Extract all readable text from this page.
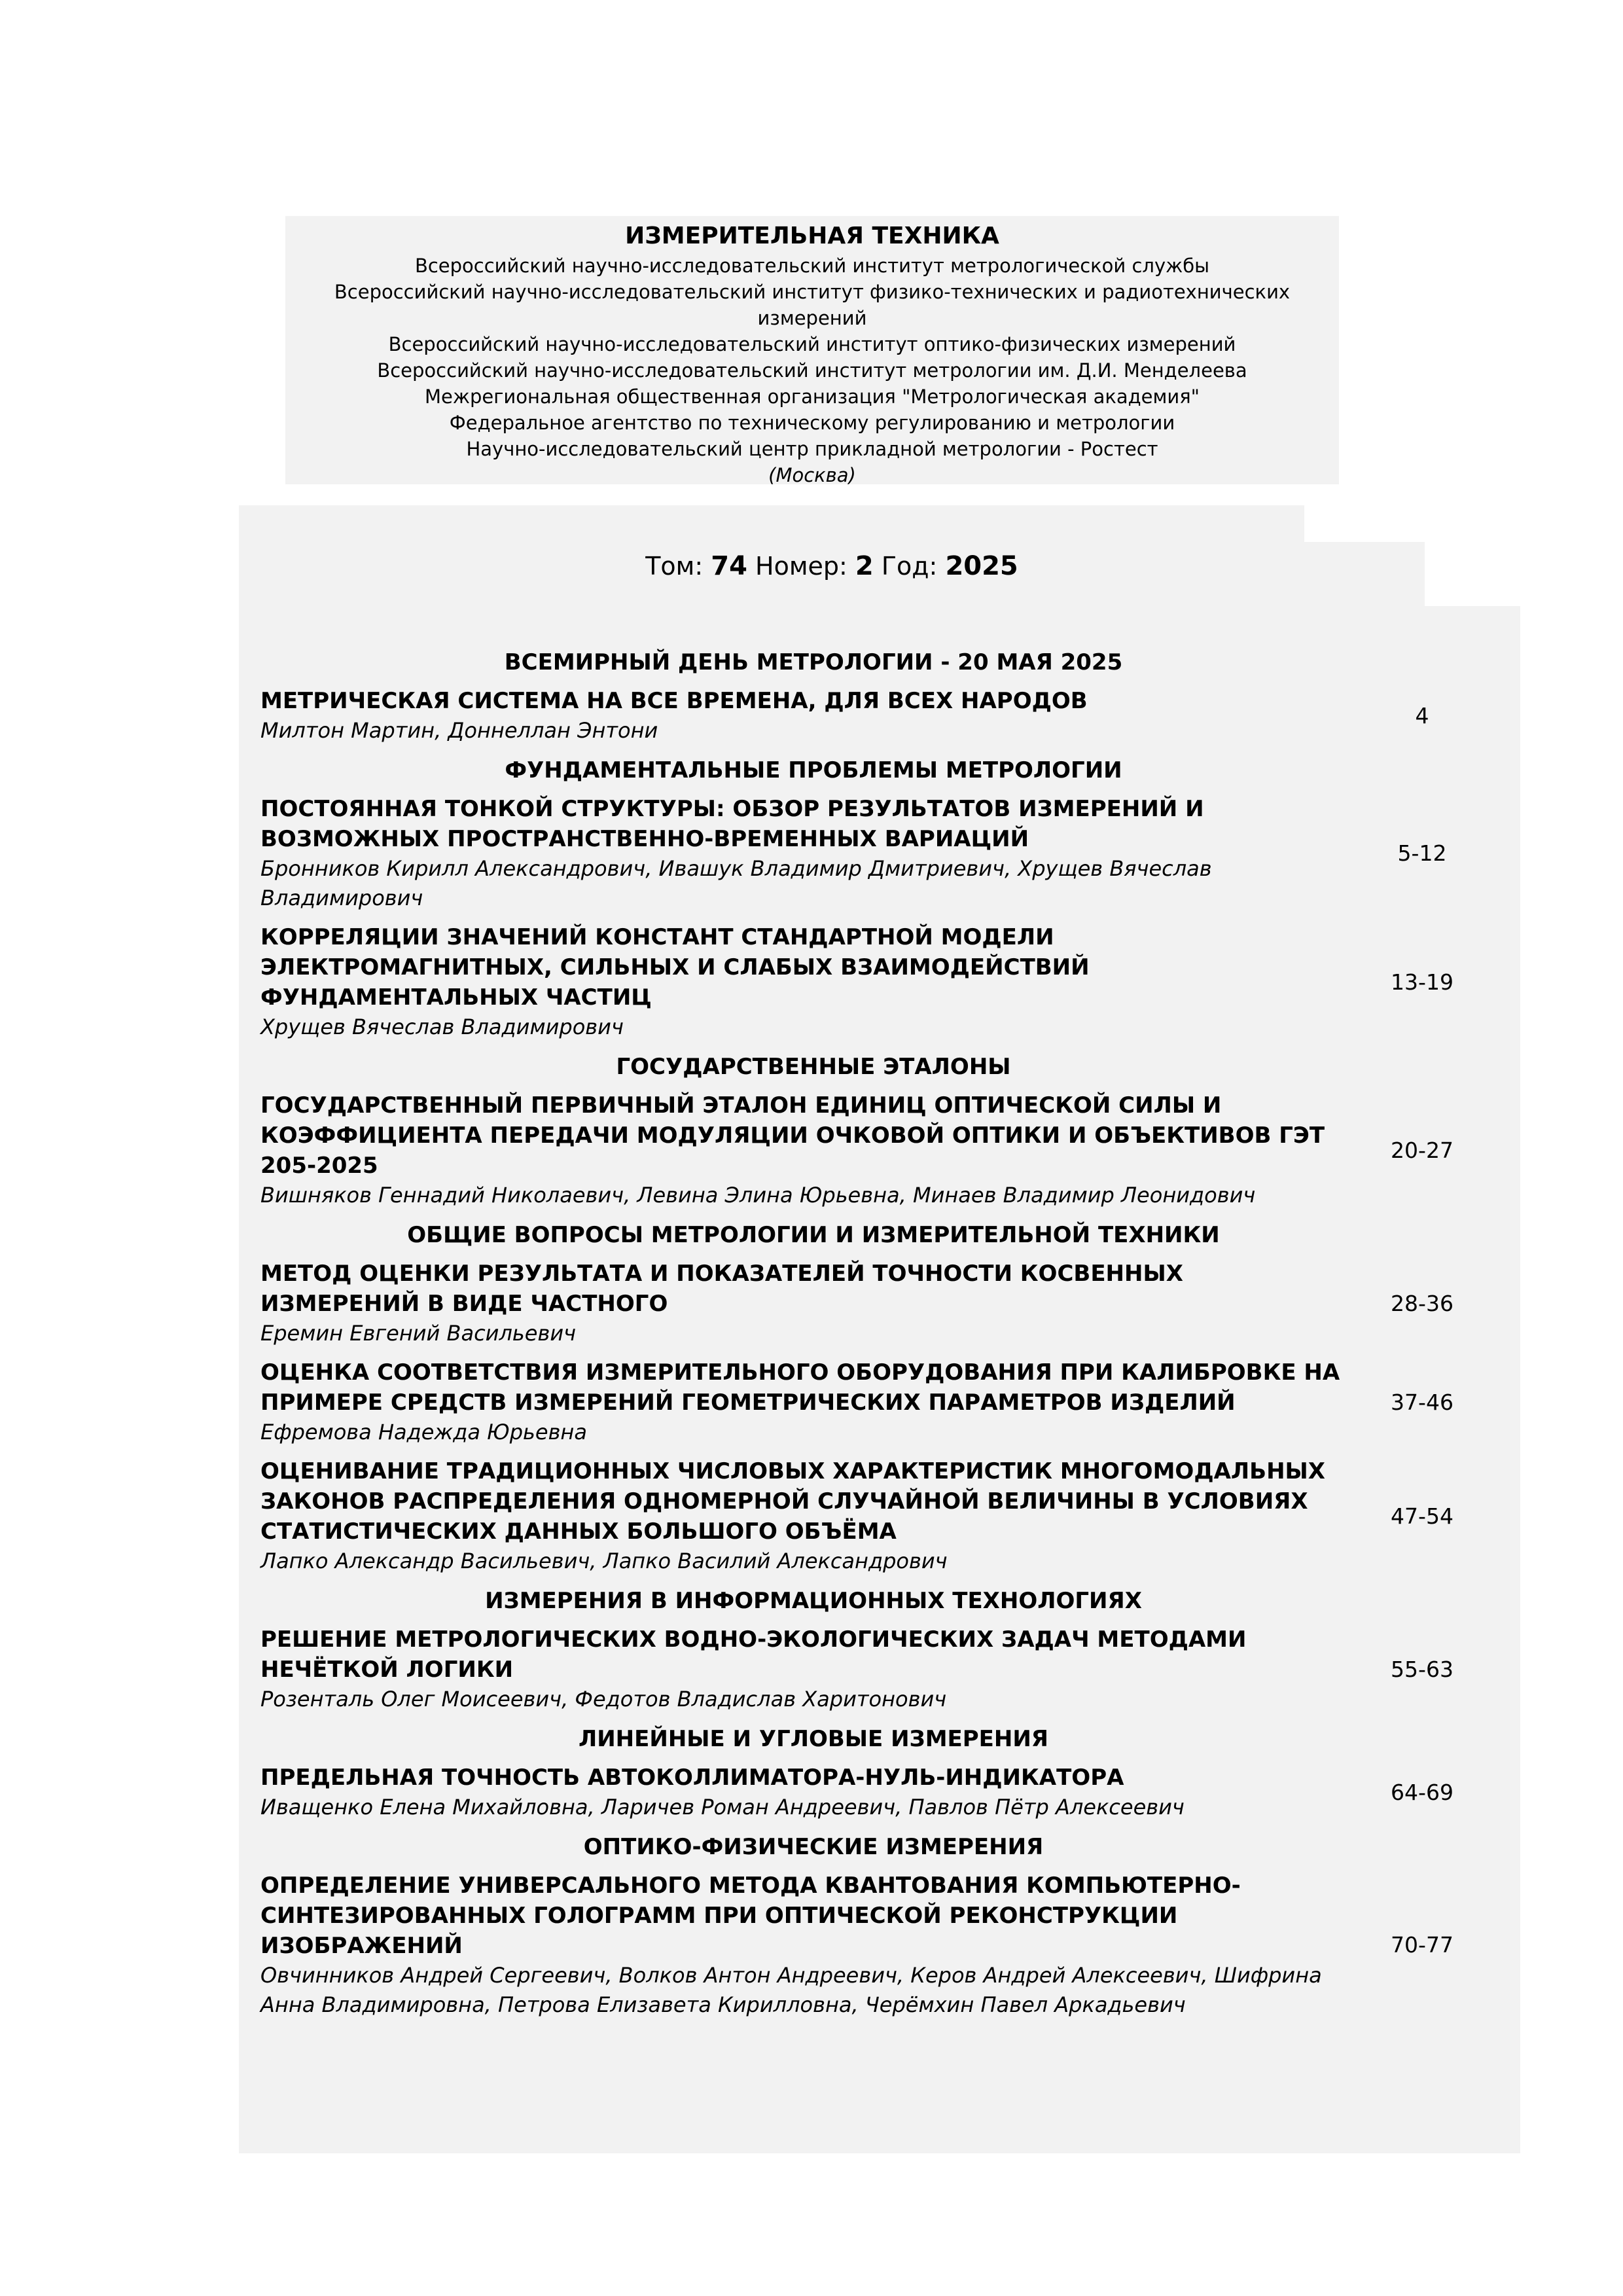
ИЗМЕРИТЕЛЬНАЯ ТЕХНИКА
Всероссийский научно-исследовательский институт метрологической службы
Всероссийский научно-исследовательский институт физико-технических и радиотехнических
измерений
Всероссийский научно-исследовательский институт оптико-физических измерений
Всероссийский научно-исследовательский институт метрологии им. Д.И. Менделеева
Межрегиональная общественная организация "Метрологическая академия"
Федеральное агентство по техническому регулированию и метрологии
Научно-исследовательский центр прикладной метрологии - Ростест
(Москва)
Том: 74 Номер: 2 Год: 2025
ВСЕМИРНЫЙ ДЕНЬ МЕТРОЛОГИИ - 20 МАЯ 2025
МЕТРИЧЕСКАЯ СИСТЕМА НА ВСЕ ВРЕМЕНА, ДЛЯ ВСЕХ НАРОДОВ
Милтон Мартин, Доннеллан Энтони
4
ФУНДАМЕНТАЛЬНЫЕ ПРОБЛЕМЫ МЕТРОЛОГИИ
ПОСТОЯННАЯ ТОНКОЙ СТРУКТУРЫ: ОБЗОР РЕЗУЛЬТАТОВ ИЗМЕРЕНИЙ И ВОЗМОЖНЫХ ПРОСТРАНСТВЕННО-ВРЕМЕННЫХ ВАРИАЦИЙ
Бронников Кирилл Александрович, Ивашук Владимир Дмитриевич, Хрущев Вячеслав Владимирович
5-12
КОРРЕЛЯЦИИ ЗНАЧЕНИЙ КОНСТАНТ СТАНДАРТНОЙ МОДЕЛИ ЭЛЕКТРОМАГНИТНЫХ, СИЛЬНЫХ И СЛАБЫХ ВЗАИМОДЕЙСТВИЙ ФУНДАМЕНТАЛЬНЫХ ЧАСТИЦ
Хрущев Вячеслав Владимирович
13-19
ГОСУДАРСТВЕННЫЕ ЭТАЛОНЫ
ГОСУДАРСТВЕННЫЙ ПЕРВИЧНЫЙ ЭТАЛОН ЕДИНИЦ ОПТИЧЕСКОЙ СИЛЫ И КОЭФФИЦИЕНТА ПЕРЕДАЧИ МОДУЛЯЦИИ ОЧКОВОЙ ОПТИКИ И ОБЪЕКТИВОВ ГЭТ 205-2025
Вишняков Геннадий Николаевич, Левина Элина Юрьевна, Минаев Владимир Леонидович
20-27
ОБЩИЕ ВОПРОСЫ МЕТРОЛОГИИ И ИЗМЕРИТЕЛЬНОЙ ТЕХНИКИ
МЕТОД ОЦЕНКИ РЕЗУЛЬТАТА И ПОКАЗАТЕЛЕЙ ТОЧНОСТИ КОСВЕННЫХ ИЗМЕРЕНИЙ В ВИДЕ ЧАСТНОГО
Еремин Евгений Васильевич
28-36
ОЦЕНКА СООТВЕТСТВИЯ ИЗМЕРИТЕЛЬНОГО ОБОРУДОВАНИЯ ПРИ КАЛИБРОВКЕ НА ПРИМЕРЕ СРЕДСТВ ИЗМЕРЕНИЙ ГЕОМЕТРИЧЕСКИХ ПАРАМЕТРОВ ИЗДЕЛИЙ
Ефремова Надежда Юрьевна
37-46
ОЦЕНИВАНИЕ ТРАДИЦИОННЫХ ЧИСЛОВЫХ ХАРАКТЕРИСТИК МНОГОМОДАЛЬНЫХ ЗАКОНОВ РАСПРЕДЕЛЕНИЯ ОДНОМЕРНОЙ СЛУЧАЙНОЙ ВЕЛИЧИНЫ В УСЛОВИЯХ СТАТИСТИЧЕСКИХ ДАННЫХ БОЛЬШОГО ОБЪЁМА
Лапко Александр Васильевич, Лапко Василий Александрович
47-54
ИЗМЕРЕНИЯ В ИНФОРМАЦИОННЫХ ТЕХНОЛОГИЯХ
РЕШЕНИЕ МЕТРОЛОГИЧЕСКИХ ВОДНО-ЭКОЛОГИЧЕСКИХ ЗАДАЧ МЕТОДАМИ НЕЧЁТКОЙ ЛОГИКИ
Розенталь Олег Моисеевич, Федотов Владислав Харитонович
55-63
ЛИНЕЙНЫЕ И УГЛОВЫЕ ИЗМЕРЕНИЯ
ПРЕДЕЛЬНАЯ ТОЧНОСТЬ АВТОКОЛЛИМАТОРА-НУЛЬ-ИНДИКАТОРА
Иващенко Елена Михайловна, Ларичев Роман Андреевич, Павлов Пётр Алексеевич
64-69
ОПТИКО-ФИЗИЧЕСКИЕ ИЗМЕРЕНИЯ
ОПРЕДЕЛЕНИЕ УНИВЕРСАЛЬНОГО МЕТОДА КВАНТОВАНИЯ КОМПЬЮТЕРНО-СИНТЕЗИРОВАННЫХ ГОЛОГРАММ ПРИ ОПТИЧЕСКОЙ РЕКОНСТРУКЦИИ ИЗОБРАЖЕНИЙ
Овчинников Андрей Сергеевич, Волков Антон Андреевич, Керов Андрей Алексеевич, Шифрина Анна Владимировна, Петрова Елизавета Кирилловна, Черёмхин Павел Аркадьевич
70-77
